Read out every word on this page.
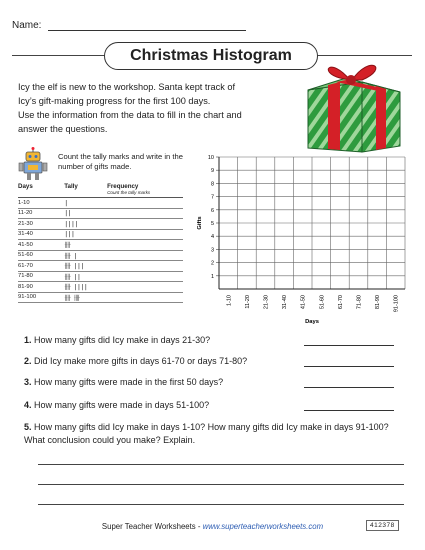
Name:
Christmas Histogram
Icy the elf is new to the workshop. Santa kept track of
Icy’s gift-making progress for the first 100 days.
Use the information from the data to fill in the chart and
answer the questions.
Count the tally marks and write in the number of gifts made.
Days	Tally	Frequency
Count the tally marks

1-10	|	
11-20	||	
21-30	||||	
31-40	|||	
41-50	卌	
51-60	卌 |	
61-70	卌 |||	
71-80	卌 ||	
81-90	卌 ||||	
91-100	卌 卌	
1
2
3
4
5
6
7
8
9
10
1-10 11-20 21-30 31-40 41-50 51-60 61-70 71-80 81-90 91-100
Gifts
Days
1. How many gifts did Icy make in days 21-30?
2. Did Icy make more gifts in days 61-70 or days 71-80?
3. How many gifts were made in the first 50 days?
4. How many gifts were made in days 51-100?
5. How many gifts did Icy make in days 1-10? How many gifts did Icy make in days 91-100? What conclusion could you make? Explain.
Super Teacher Worksheets - www.superteacherworksheets.com	412378
